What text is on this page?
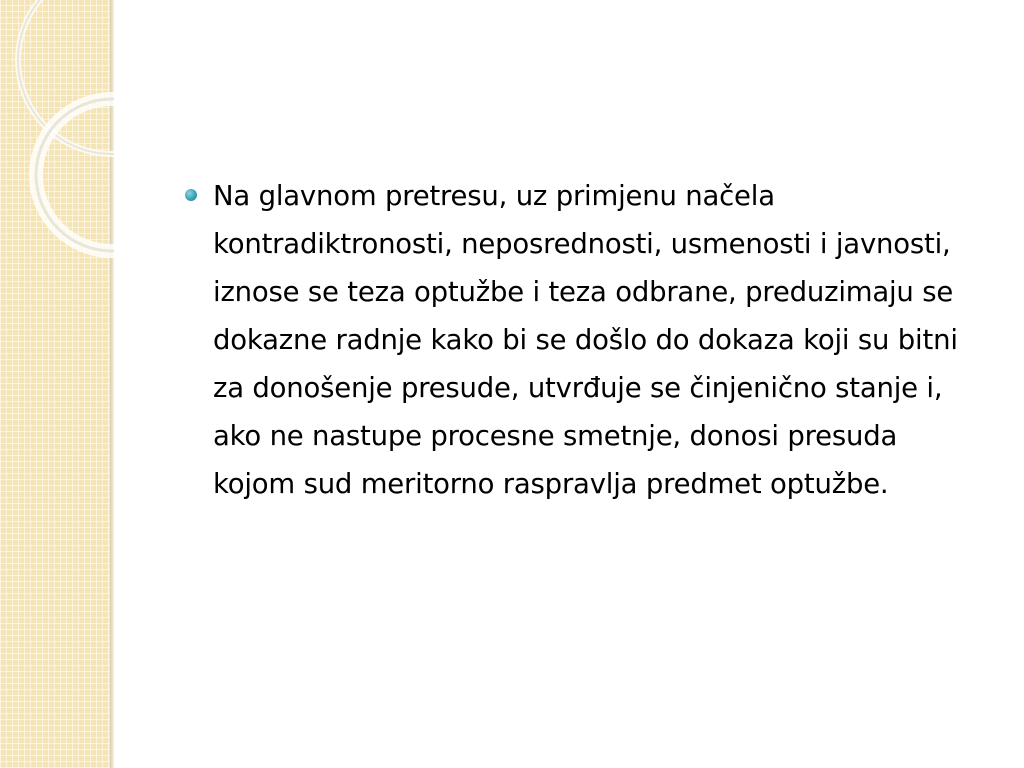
Na glavnom pretresu, uz primjenu načela kontradiktronosti, neposrednosti, usmenosti i javnosti, iznose se teza optužbe i teza odbrane, preduzimaju se dokazne radnje kako bi se došlo do dokaza koji su bitni za donošenje presude, utvrđuje se činjenično stanje i, ako ne nastupe procesne smetnje, donosi presuda kojom sud meritorno raspravlja predmet optužbe.
